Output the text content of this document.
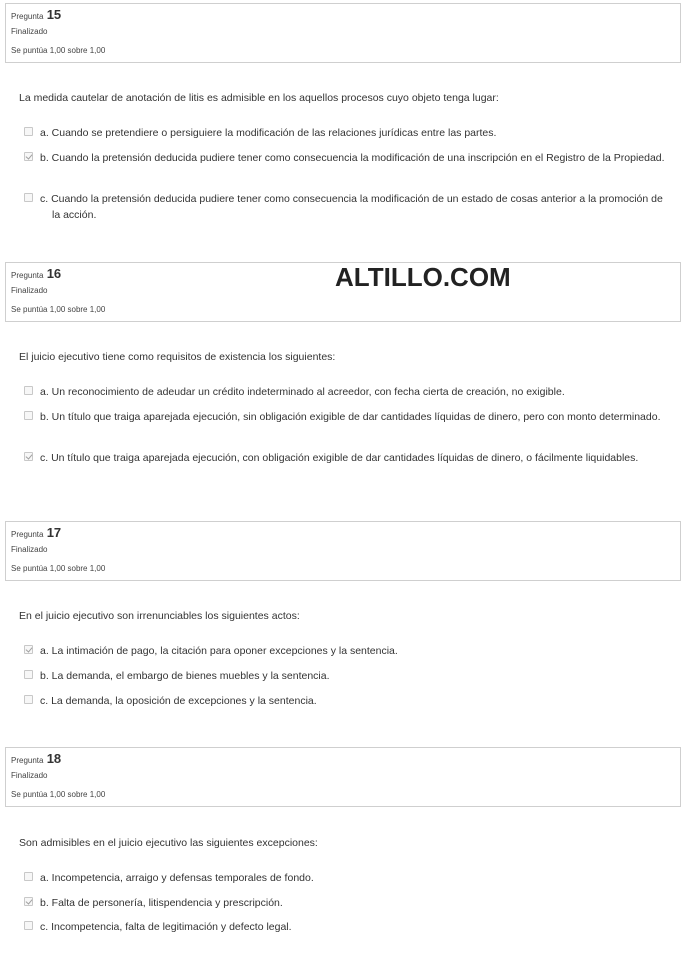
Pregunta 15
Finalizado
Se puntúa 1,00 sobre 1,00
La medida cautelar de anotación de litis es admisible en los aquellos procesos cuyo objeto tenga lugar:
a. Cuando se pretendiere o persiguiere la modificación de las relaciones jurídicas entre las partes.
b. Cuando la pretensión deducida pudiere tener como consecuencia la modificación de una inscripción en el Registro de la Propiedad.
c. Cuando la pretensión deducida pudiere tener como consecuencia la modificación de un estado de cosas anterior a la promoción de la acción.
Pregunta 16
Finalizado
Se puntúa 1,00 sobre 1,00
ALTILLO.COM
El juicio ejecutivo tiene como requisitos de existencia los siguientes:
a. Un reconocimiento de adeudar un crédito indeterminado al acreedor, con fecha cierta de creación, no exigible.
b. Un título que traiga aparejada ejecución, sin obligación exigible de dar cantidades líquidas de dinero, pero con monto determinado.
c. Un título que traiga aparejada ejecución, con obligación exigible de dar cantidades líquidas de dinero, o fácilmente liquidables.
Pregunta 17
Finalizado
Se puntúa 1,00 sobre 1,00
En el juicio ejecutivo son irrenunciables los siguientes actos:
a. La intimación de pago, la citación para oponer excepciones y la sentencia.
b. La demanda, el embargo de bienes muebles y la sentencia.
c. La demanda, la oposición de excepciones y la sentencia.
Pregunta 18
Finalizado
Se puntúa 1,00 sobre 1,00
Son admisibles en el juicio ejecutivo las siguientes excepciones:
a. Incompetencia, arraigo y defensas temporales de fondo.
b. Falta de personería, litispendencia y prescripción.
c. Incompetencia, falta de legitimación y defecto legal.
